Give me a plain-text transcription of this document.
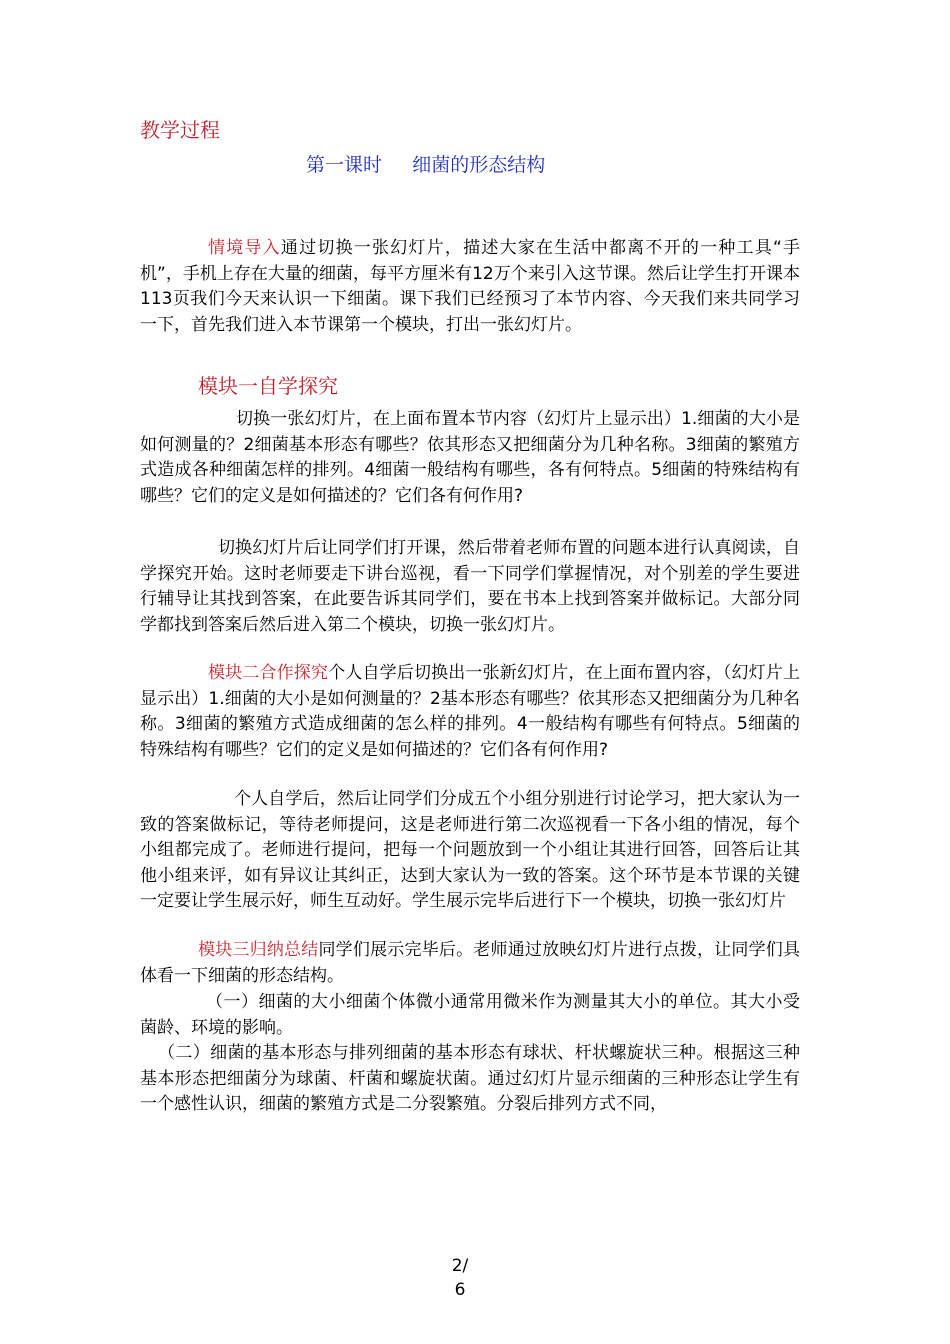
教学过程
第一课时     细菌的形态结构
情境导入通过切换一张幻灯片，描述大家在生活中都离不开的一种工具“手机”，手机上存在大量的细菌，每平方厘米有12万个来引入这节课。然后让学生打开课本113页我们今天来认识一下细菌。课下我们已经预习了本节内容、今天我们来共同学习一下，首先我们进入本节课第一个模块，打出一张幻灯片。
模块一自学探究
切换一张幻灯片，在上面布置本节内容（幻灯片上显示出）1.细菌的大小是如何测量的？2细菌基本形态有哪些？依其形态又把细菌分为几种名称。3细菌的繁殖方式造成各种细菌怎样的排列。4细菌一般结构有哪些，各有何特点。5细菌的特殊结构有哪些？它们的定义是如何描述的？它们各有何作用?
切换幻灯片后让同学们打开课，然后带着老师布置的问题本进行认真阅读，自学探究开始。这时老师要走下讲台巡视，看一下同学们掌握情况，对个别差的学生要进行辅导让其找到答案，在此要告诉其同学们，要在书本上找到答案并做标记。大部分同学都找到答案后然后进入第二个模块，切换一张幻灯片。
模块二合作探究个人自学后切换出一张新幻灯片，在上面布置内容，（幻灯片上显示出）1.细菌的大小是如何测量的？2基本形态有哪些？依其形态又把细菌分为几种名称。3细菌的繁殖方式造成细菌的怎么样的排列。4一般结构有哪些有何特点。5细菌的特殊结构有哪些？它们的定义是如何描述的？它们各有何作用?
个人自学后，然后让同学们分成五个小组分别进行讨论学习，把大家认为一致的答案做标记，等待老师提问，这是老师进行第二次巡视看一下各小组的情况，每个小组都完成了。老师进行提问，把每一个问题放到一个小组让其进行回答，回答后让其他小组来评，如有异议让其纠正，达到大家认为一致的答案。这个环节是本节课的关键一定要让学生展示好，师生互动好。学生展示完毕后进行下一个模块，切换一张幻灯片
模块三归纳总结同学们展示完毕后。老师通过放映幻灯片进行点拨，让同学们具体看一下细菌的形态结构。
（一）细菌的大小细菌个体微小通常用微米作为测量其大小的单位。其大小受菌龄、环境的影响。
（二）细菌的基本形态与排列细菌的基本形态有球状、杆状螺旋状三种。根据这三种基本形态把细菌分为球菌、杆菌和螺旋状菌。通过幻灯片显示细菌的三种形态让学生有一个感性认识，细菌的繁殖方式是二分裂繁殖。分裂后排列方式不同，
2/
6
